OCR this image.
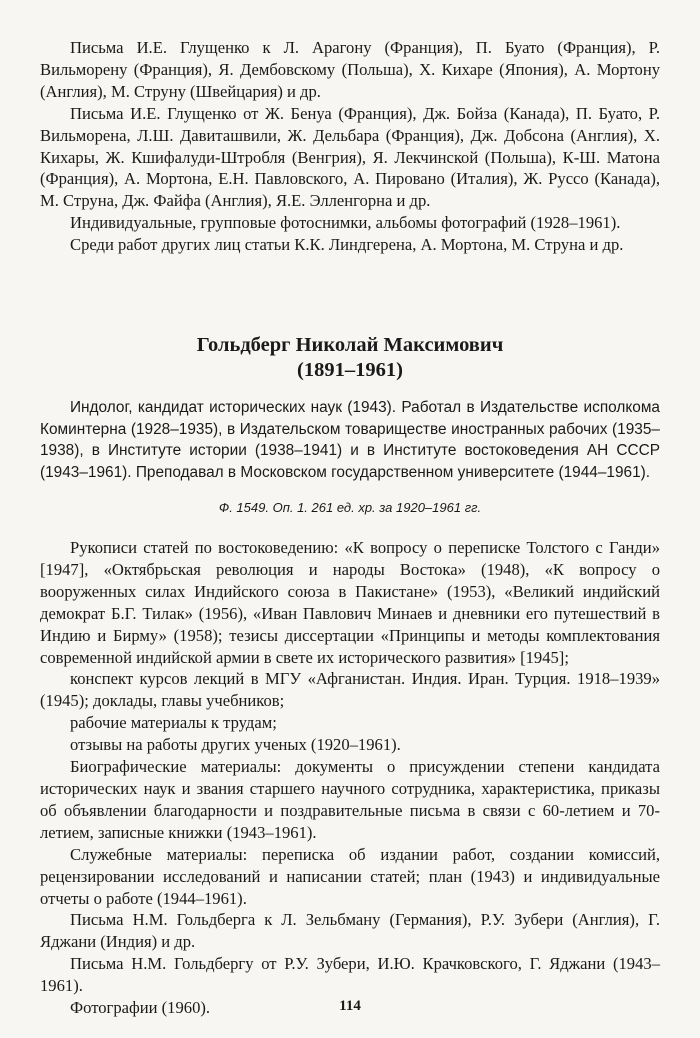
Письма И.Е. Глущенко к Л. Арагону (Франция), П. Буато (Франция), Р. Вильморену (Франция), Я. Дембовскому (Польша), Х. Кихаре (Япония), А. Мортону (Англия), М. Струну (Швейцария) и др.

Письма И.Е. Глущенко от Ж. Бенуа (Франция), Дж. Бойза (Канада), П. Буато, Р. Вильморена, Л.Ш. Давиташвили, Ж. Дельбара (Франция), Дж. Добсона (Англия), Х. Кихары, Ж. Кшифалуди-Штробля (Венгрия), Я. Лекчинской (Польша), К-Ш. Матона (Франция), А. Мортона, Е.Н. Павловского, А. Пировано (Италия), Ж. Руссо (Канада), М. Струна, Дж. Файфа (Англия), Я.Е. Элленгорна и др.

Индивидуальные, групповые фотоснимки, альбомы фотографий (1928–1961).

Среди работ других лиц статьи К.К. Линдгерена, А. Мортона, М. Струна и др.

Гольдберг Николай Максимович
(1891–1961)

Индолог, кандидат исторических наук (1943). Работал в Издательстве исполкома Коминтерна (1928–1935), в Издательском товариществе иностранных рабочих (1935–1938), в Институте истории (1938–1941) и в Институте востоковедения АН СССР (1943–1961). Преподавал в Московском государственном университете (1944–1961).

Ф. 1549. Оп. 1. 261 ед. хр. за 1920–1961 гг.

Рукописи статей по востоковедению: «К вопросу о переписке Толстого с Ганди» [1947], «Октябрьская революция и народы Востока» (1948), «К вопросу о вооруженных силах Индийского союза в Пакистане» (1953), «Великий индийский демократ Б.Г. Тилак» (1956), «Иван Павлович Минаев и дневники его путешествий в Индию и Бирму» (1958); тезисы диссертации «Принципы и методы комплектования современной индийской армии в свете их исторического развития» [1945];

конспект курсов лекций в МГУ «Афганистан. Индия. Иран. Турция. 1918–1939» (1945); доклады, главы учебников;

рабочие материалы к трудам;

отзывы на работы других ученых (1920–1961).

Биографические материалы: документы о присуждении степени кандидата исторических наук и звания старшего научного сотрудника, характеристика, приказы об объявлении благодарности и поздравительные письма в связи с 60-летием и 70-летием, записные книжки (1943–1961).

Служебные материалы: переписка об издании работ, создании комиссий, рецензировании исследований и написании статей; план (1943) и индивидуальные отчеты о работе (1944–1961).

Письма Н.М. Гольдберга к Л. Зельбману (Германия), Р.У. Зубери (Англия), Г. Яджани (Индия) и др.

Письма Н.М. Гольдбергу от Р.У. Зубери, И.Ю. Крачковского, Г. Яджани (1943–1961).

Фотографии (1960).	114
